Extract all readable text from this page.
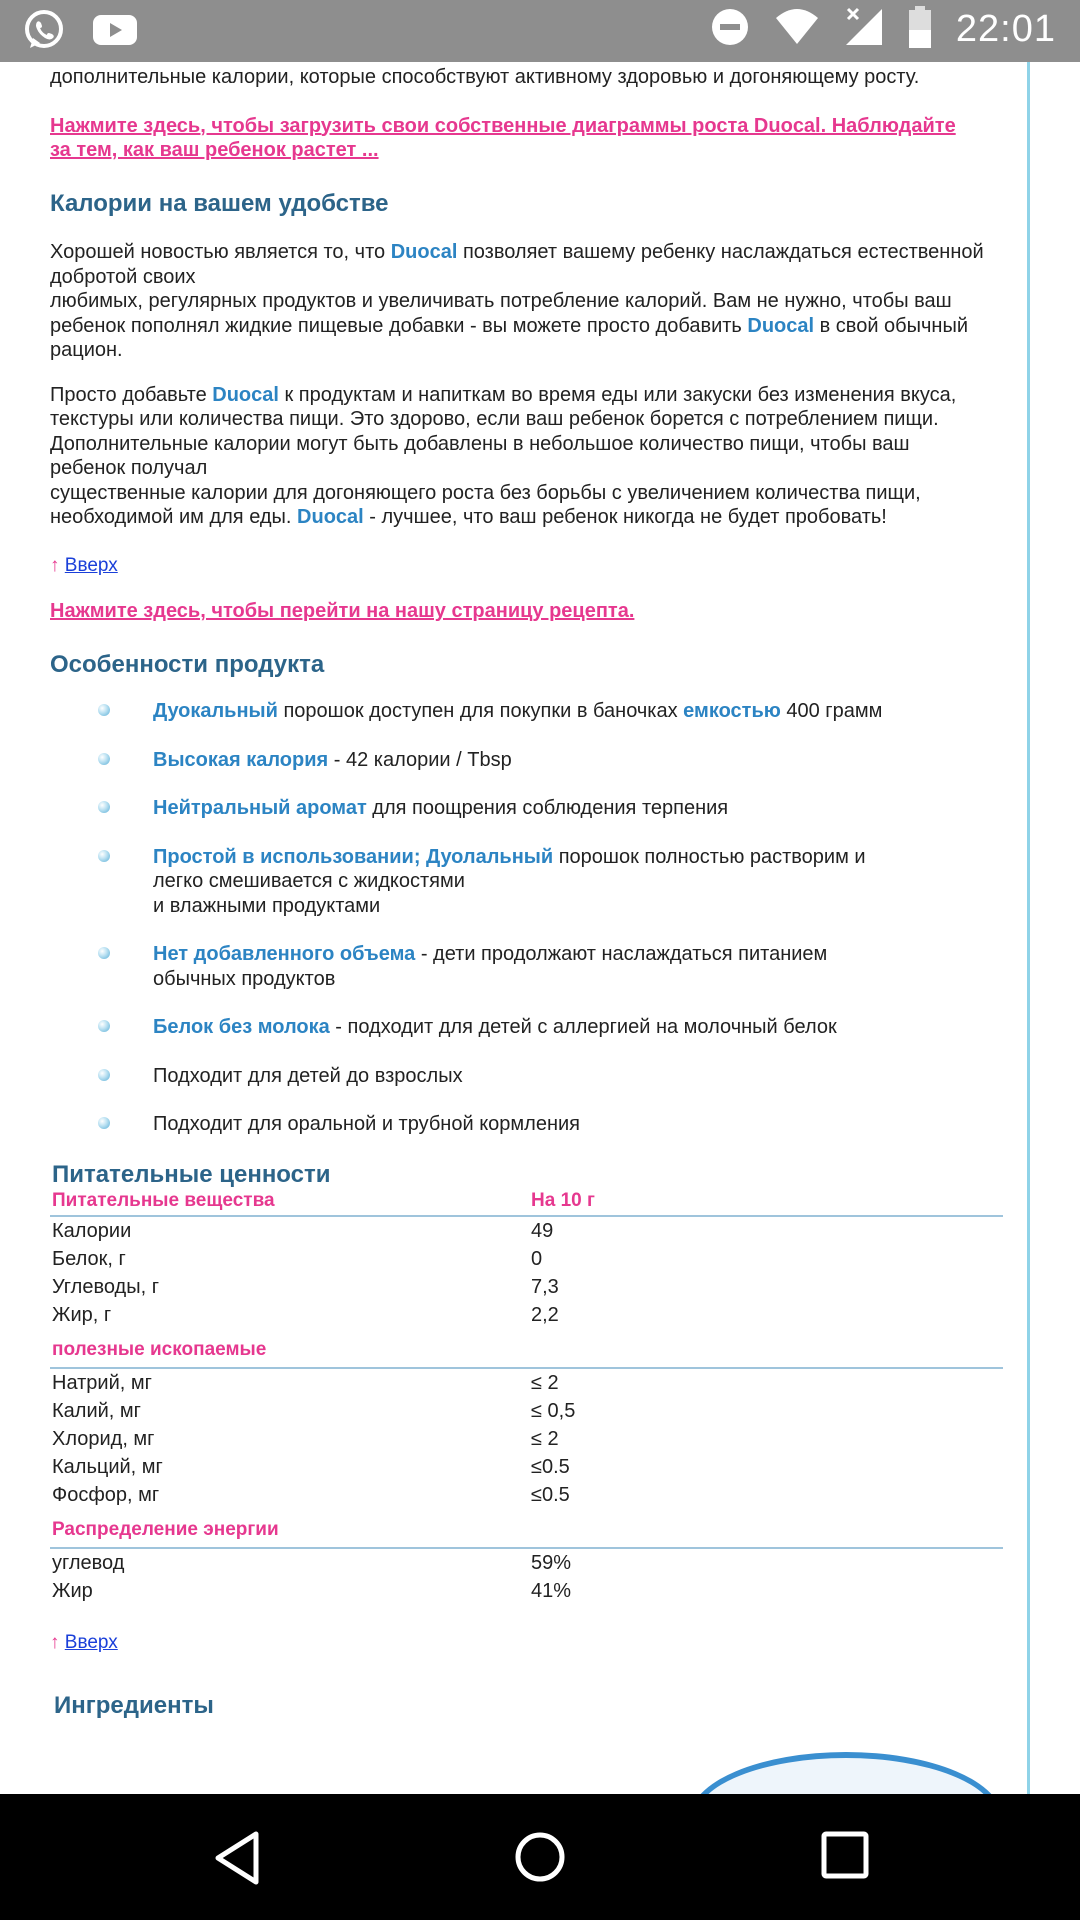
22:01

дополнительные калории, которые способствуют активному здоровью и догоняющему росту.

Нажмите здесь, чтобы загрузить свои собственные диаграммы роста Duocal. Наблюдайте за тем, как ваш ребенок растет ...

Калории на вашем удобстве

Хорошей новостью является то, что Duocal позволяет вашему ребенку наслаждаться естественной добротой своих
любимых, регулярных продуктов и увеличивать потребление калорий. Вам не нужно, чтобы ваш ребенок пополнял жидкие пищевые добавки - вы можете просто добавить Duocal в свой обычный рацион.

Просто добавьте Duocal к продуктам и напиткам во время еды или закуски без изменения вкуса, текстуры или количества пищи. Это здорово, если ваш ребенок борется с потреблением пищи.
Дополнительные калории могут быть добавлены в небольшое количество пищи, чтобы ваш ребенок получал
существенные калории для догоняющего роста без борьбы с увеличением количества пищи, необходимой им для еды. Duocal - лучшее, что ваш ребенок никогда не будет пробовать!

↑ Вверх

Нажмите здесь, чтобы перейти на нашу страницу рецепта.

Особенности продукта
Дуокальный порошок доступен для покупки в баночках емкостью 400 грамм
Высокая калория - 42 калории / Tbsp
Нейтральный аромат для поощрения соблюдения терпения
Простой в использовании; Дуолальный порошок полностью растворим и легко смешивается с жидкостями
и влажными продуктами
Нет добавленного объема - дети продолжают наслаждаться питанием обычных продуктов
Белок без молока - подходит для детей с аллергией на молочный белок
Подходит для детей до взрослых
Подходит для оральной и трубной кормления
Питательные ценности
Питательные вещества	На 10 г
Калории	49
Белок, г	0
Углеводы, г	7,3
Жир, г	2,2
полезные ископаемые	
Натрий, мг	≤ 2
Калий, мг	≤ 0,5
Хлорид, мг	≤ 2
Кальций, мг	≤0.5
Фосфор, мг	≤0.5
Распределение энергии	
углевод	59%
Жир	41%

↑ Вверх

Ингредиенты
